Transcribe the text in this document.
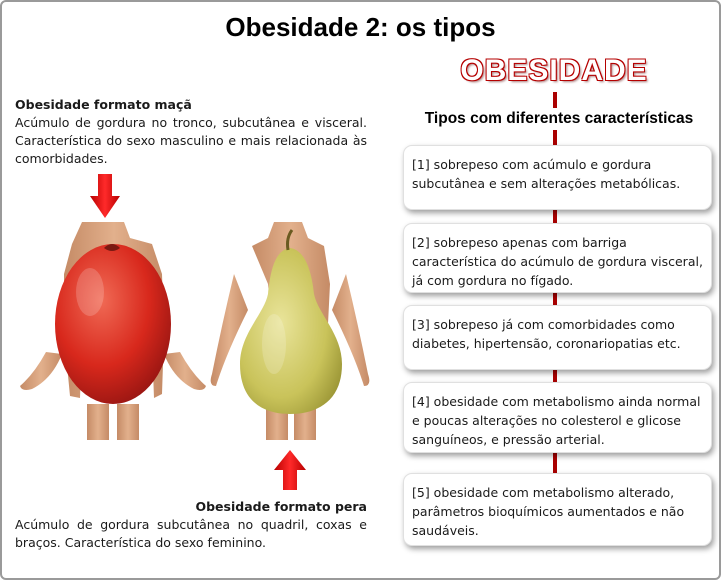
Obesidade 2: os tipos
Obesidade formato maçã
Acúmulo de gordura no tronco, subcutânea e visceral. Característica do sexo masculino e mais relacionada às comorbidades.
Obesidade formato pera
Acúmulo de gordura subcutânea no quadril, coxas e braços. Característica do sexo feminino.
OBESIDADE
Tipos com diferentes características
[1] sobrepeso com acúmulo e gordura subcutânea e sem alterações metabólicas.
[2] sobrepeso apenas com barriga característica do acúmulo de gordura visceral, já com gordura no fígado.
[3] sobrepeso já com comorbidades como diabetes, hipertensão, coronariopatias etc.
[4] obesidade com metabolismo ainda normal e poucas alterações no colesterol e glicose sanguíneos, e pressão arterial.
[5] obesidade com metabolismo alterado, parâmetros bioquímicos aumentados e não saudáveis.
